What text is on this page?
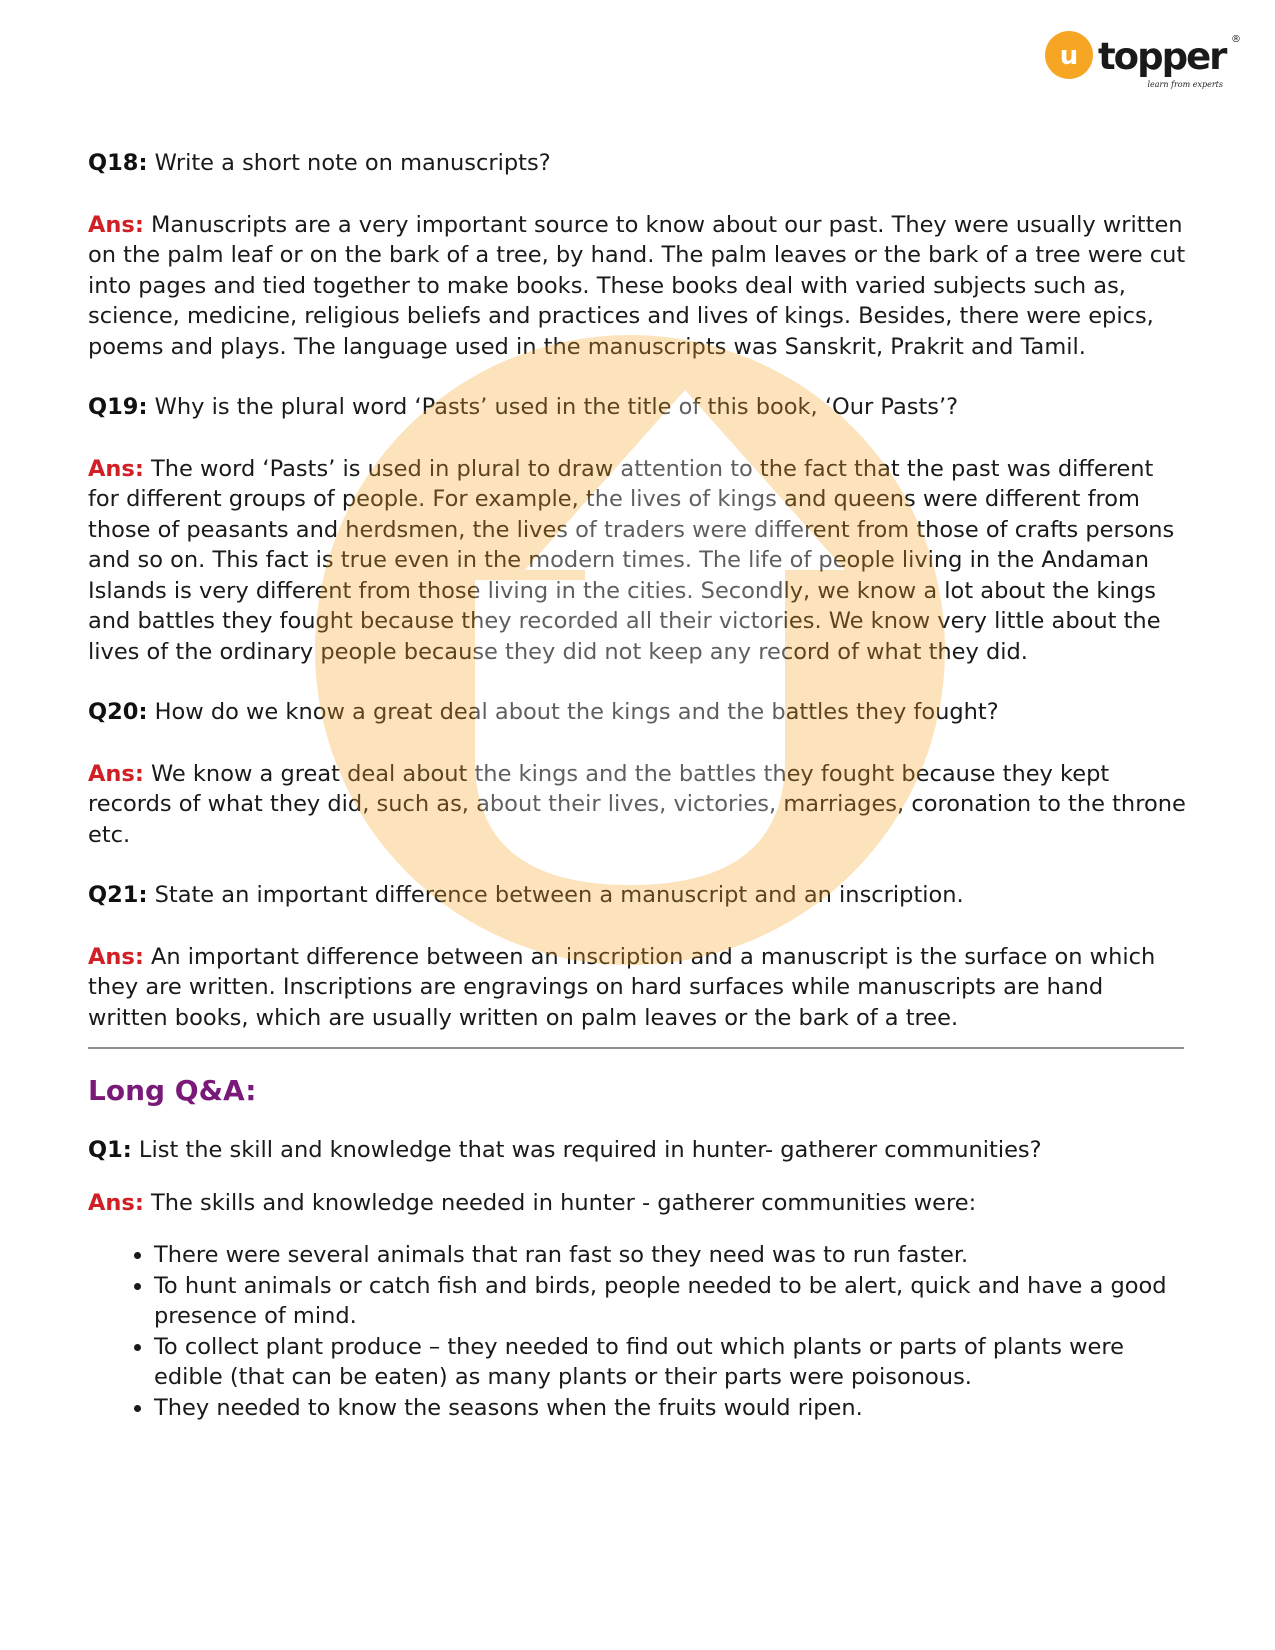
u topper ®
learn from experts

Q18: Write a short note on manuscripts?

Ans: Manuscripts are a very important source to know about our past. They were usually written on the palm leaf or on the bark of a tree, by hand. The palm leaves or the bark of a tree were cut into pages and tied together to make books. These books deal with varied subjects such as, science, medicine, religious beliefs and practices and lives of kings. Besides, there were epics, poems and plays. The language used in the manuscripts was Sanskrit, Prakrit and Tamil.

Q19: Why is the plural word ‘Pasts’ used in the title of this book, ‘Our Pasts’?

Ans: The word ‘Pasts’ is used in plural to draw attention to the fact that the past was different for different groups of people. For example, the lives of kings and queens were different from those of peasants and herdsmen, the lives of traders were different from those of crafts persons and so on. This fact is true even in the modern times. The life of people living in the Andaman Islands is very different from those living in the cities. Secondly, we know a lot about the kings and battles they fought because they recorded all their victories. We know very little about the lives of the ordinary people because they did not keep any record of what they did.

Q20: How do we know a great deal about the kings and the battles they fought?

Ans: We know a great deal about the kings and the battles they fought because they kept records of what they did, such as, about their lives, victories, marriages, coronation to the throne etc.

Q21: State an important difference between a manuscript and an inscription.

Ans: An important difference between an inscription and a manuscript is the surface on which they are written. Inscriptions are engravings on hard surfaces while manuscripts are hand written books, which are usually written on palm leaves or the bark of a tree.

Long Q&A:

Q1: List the skill and knowledge that was required in hunter- gatherer communities?

Ans: The skills and knowledge needed in hunter - gatherer communities were:

• There were several animals that ran fast so they need was to run faster.
• To hunt animals or catch fish and birds, people needed to be alert, quick and have a good presence of mind.
• To collect plant produce – they needed to find out which plants or parts of plants were edible (that can be eaten) as many plants or their parts were poisonous.
• They needed to know the seasons when the fruits would ripen.
